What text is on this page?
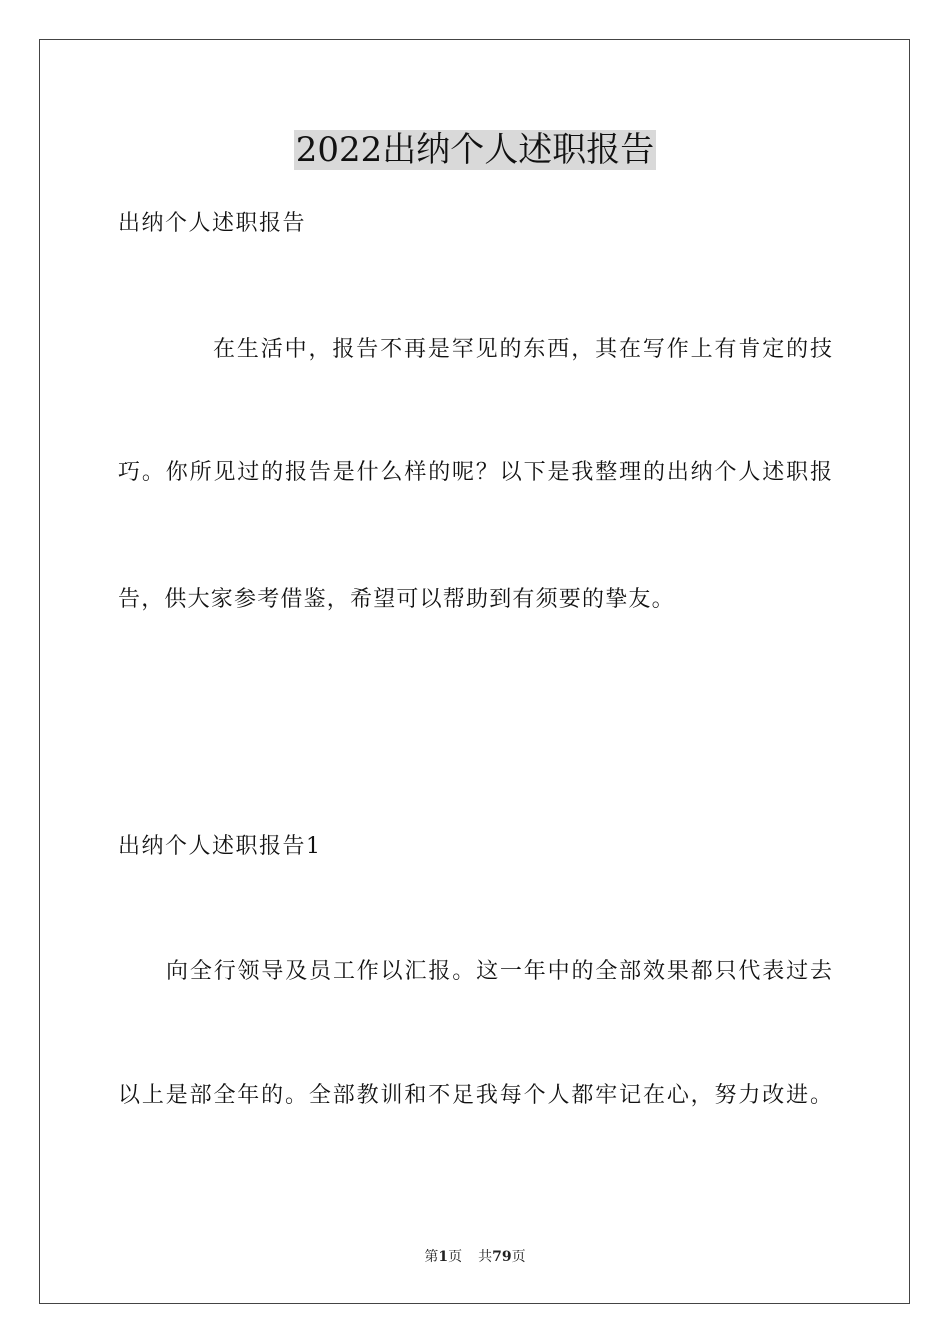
2022出纳个人述职报告

出纳个人述职报告

在生活中，报告不再是罕见的东西，其在写作上有肯定的技

巧。你所见过的报告是什么样的呢？以下是我整理的出纳个人述职报

告，供大家参考借鉴，希望可以帮助到有须要的挚友。

出纳个人述职报告1

向全行领导及员工作以汇报。这一年中的全部效果都只代表过去

以上是部全年的。全部教训和不足我每个人都牢记在心，努力改进。

第1页 共79页
